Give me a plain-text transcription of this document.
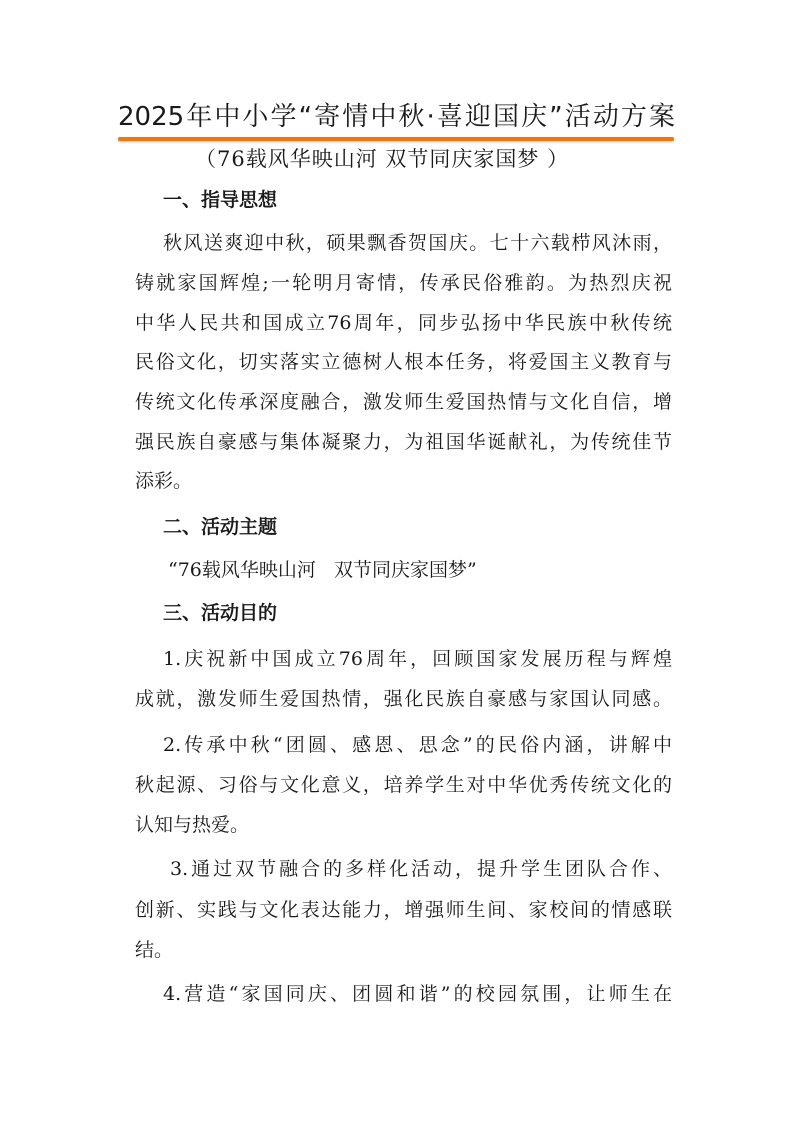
2025年中小学“寄情中秋·喜迎国庆”活动方案
（76载风华映山河 双节同庆家国梦 ）
一、指导思想
秋风送爽迎中秋，硕果飘香贺国庆。七十六载栉风沐雨，
铸就家国辉煌;一轮明月寄情，传承民俗雅韵。为热烈庆祝
中华人民共和国成立76周年，同步弘扬中华民族中秋传统
民俗文化，切实落实立德树人根本任务，将爱国主义教育与
传统文化传承深度融合，激发师生爱国热情与文化自信，增
强民族自豪感与集体凝聚力，为祖国华诞献礼，为传统佳节
添彩。
二、活动主题
“76载风华映山河   双节同庆家国梦”
三、活动目的
1.庆祝新中国成立76周年，回顾国家发展历程与辉煌
成就，激发师生爱国热情，强化民族自豪感与家国认同感。
2.传承中秋“团圆、感恩、思念”的民俗内涵，讲解中
秋起源、习俗与文化意义，培养学生对中华优秀传统文化的
认知与热爱。
3.通过双节融合的多样化活动，提升学生团队合作、
创新、实践与文化表达能力，增强师生间、家校间的情感联
结。
4.营造“家国同庆、团圆和谐”的校园氛围，让师生在
